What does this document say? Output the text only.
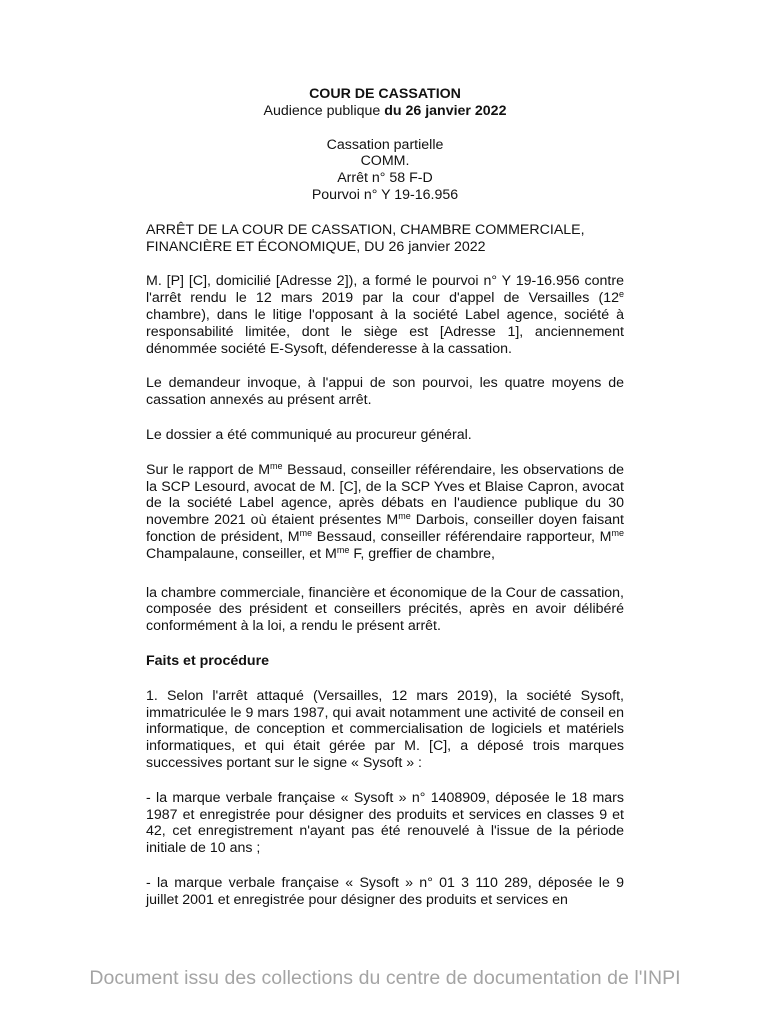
COUR DE CASSATION

Audience publique du 26 janvier 2022

Cassation partielle

COMM.

Arrêt n° 58 F-D

Pourvoi n° Y 19-16.956

ARRÊT DE LA COUR DE CASSATION, CHAMBRE COMMERCIALE, FINANCIÈRE ET ÉCONOMIQUE, DU 26 janvier 2022

M. [P] [C], domicilié [Adresse 2]), a formé le pourvoi n° Y 19-16.956 contre l'arrêt rendu le 12 mars 2019 par la cour d'appel de Versailles (12e chambre), dans le litige l'opposant à la société Label agence, société à responsabilité limitée, dont le siège est [Adresse 1], anciennement dénommée société E-Sysoft, défenderesse à la cassation.

Le demandeur invoque, à l'appui de son pourvoi, les quatre moyens de cassation annexés au présent arrêt.

Le dossier a été communiqué au procureur général.

Sur le rapport de $M^{me}$ Bessaud, conseiller référendaire, les observations de la SCP Lesourd, avocat de M. [C], de la SCP Yves et Blaise Capron, avocat de la société Label agence, après débats en l'audience publique du 30 novembre 2021 où étaient présentes $M^{me}$ Darbois, conseiller doyen faisant fonction de président, $M^{me}$ Bessaud, conseiller référendaire rapporteur, $M^{me}$ Champalaune, conseiller, et $M^{me}$ F, greffier de chambre,

la chambre commerciale, financière et économique de la Cour de cassation, composée des président et conseillers précités, après en avoir délibéré conformément à la loi, a rendu le présent arrêt.

Faits et procédure

1. Selon l'arrêt attaqué (Versailles, 12 mars 2019), la société Sysoft, immatriculée le 9 mars 1987, qui avait notamment une activité de conseil en informatique, de conception et commercialisation de logiciels et matériels informatiques, et qui était gérée par M. [C], a déposé trois marques successives portant sur le signe « Sysoft » :

- la marque verbale française « Sysoft » n° 1408909, déposée le 18 mars 1987 et enregistrée pour désigner des produits et services en classes 9 et 42, cet enregistrement n'ayant pas été renouvelé à l'issue de la période initiale de 10 ans ;

- la marque verbale française « Sysoft » n° 01 3 110 289, déposée le 9 juillet 2001 et enregistrée pour désigner des produits et services en

Document issu des collections du centre de documentation de l'INPI
